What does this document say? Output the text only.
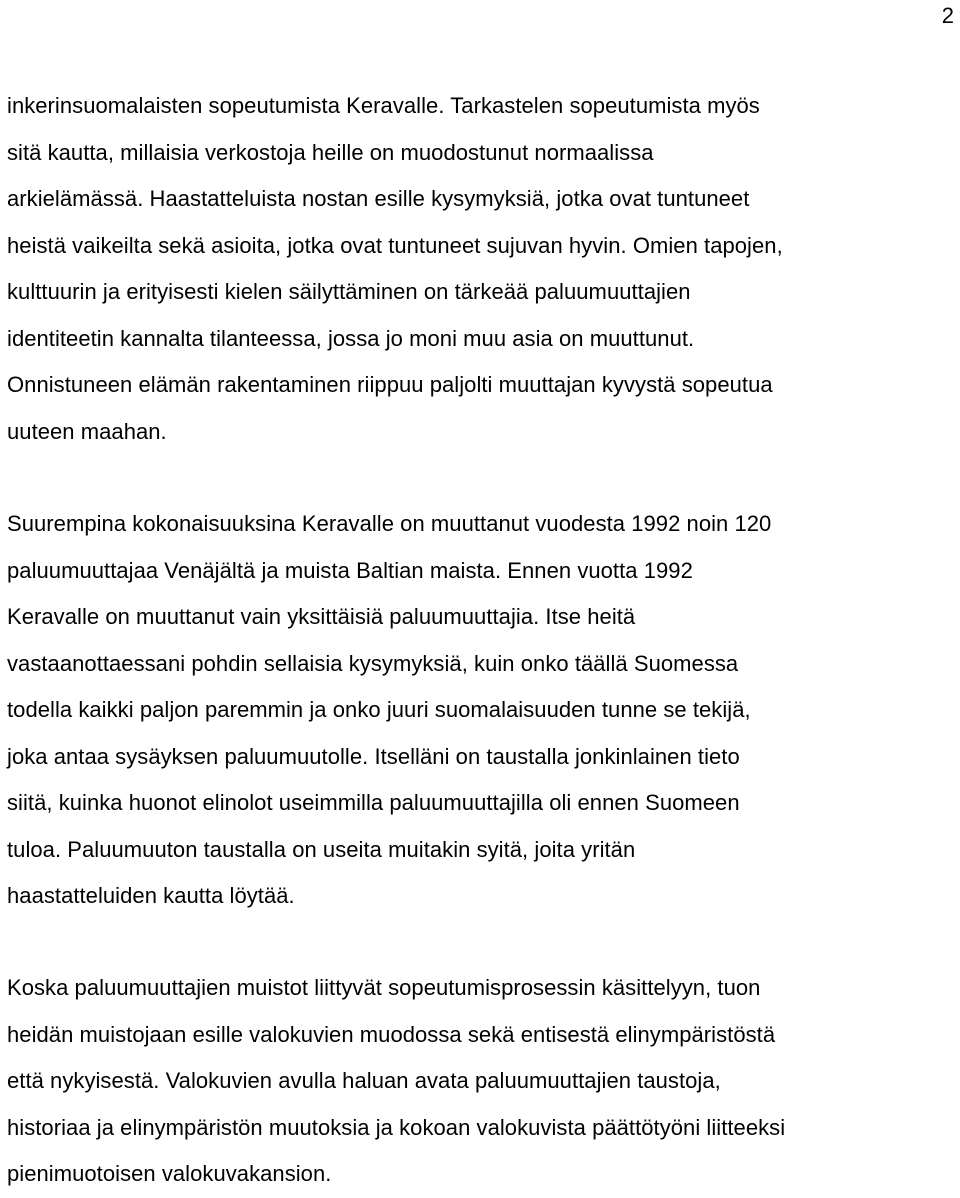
2
inkerinsuomalaisten sopeutumista Keravalle. Tarkastelen sopeutumista myös
sitä kautta, millaisia verkostoja heille on muodostunut normaalissa
arkielämässä. Haastatteluista nostan esille kysymyksiä, jotka ovat tuntuneet
heistä vaikeilta sekä asioita, jotka ovat tuntuneet sujuvan hyvin. Omien tapojen,
kulttuurin ja erityisesti kielen säilyttäminen on tärkeää paluumuuttajien
identiteetin kannalta tilanteessa, jossa jo moni muu asia on muuttunut.
Onnistuneen elämän rakentaminen riippuu paljolti muuttajan kyvystä sopeutua
uuteen maahan.
Suurempina kokonaisuuksina Keravalle on muuttanut vuodesta 1992 noin 120
paluumuuttajaa Venäjältä ja muista Baltian maista. Ennen vuotta 1992
Keravalle on muuttanut vain yksittäisiä paluumuuttajia. Itse heitä
vastaanottaessani pohdin sellaisia kysymyksiä, kuin onko täällä Suomessa
todella kaikki paljon paremmin ja onko juuri suomalaisuuden tunne se tekijä,
joka antaa sysäyksen paluumuutolle. Itselläni on taustalla jonkinlainen tieto
siitä, kuinka huonot elinolot useimmilla paluumuuttajilla oli ennen Suomeen
tuloa. Paluumuuton taustalla on useita muitakin syitä, joita yritän
haastatteluiden kautta löytää.
Koska paluumuuttajien muistot liittyvät sopeutumisprosessin käsittelyyn, tuon
heidän muistojaan esille valokuvien muodossa sekä entisestä elinympäristöstä
että nykyisestä. Valokuvien avulla haluan avata paluumuuttajien taustoja,
historiaa ja elinympäristön muutoksia ja kokoan valokuvista päättötyöni liitteeksi
pienimuotoisen valokuvakansion.
